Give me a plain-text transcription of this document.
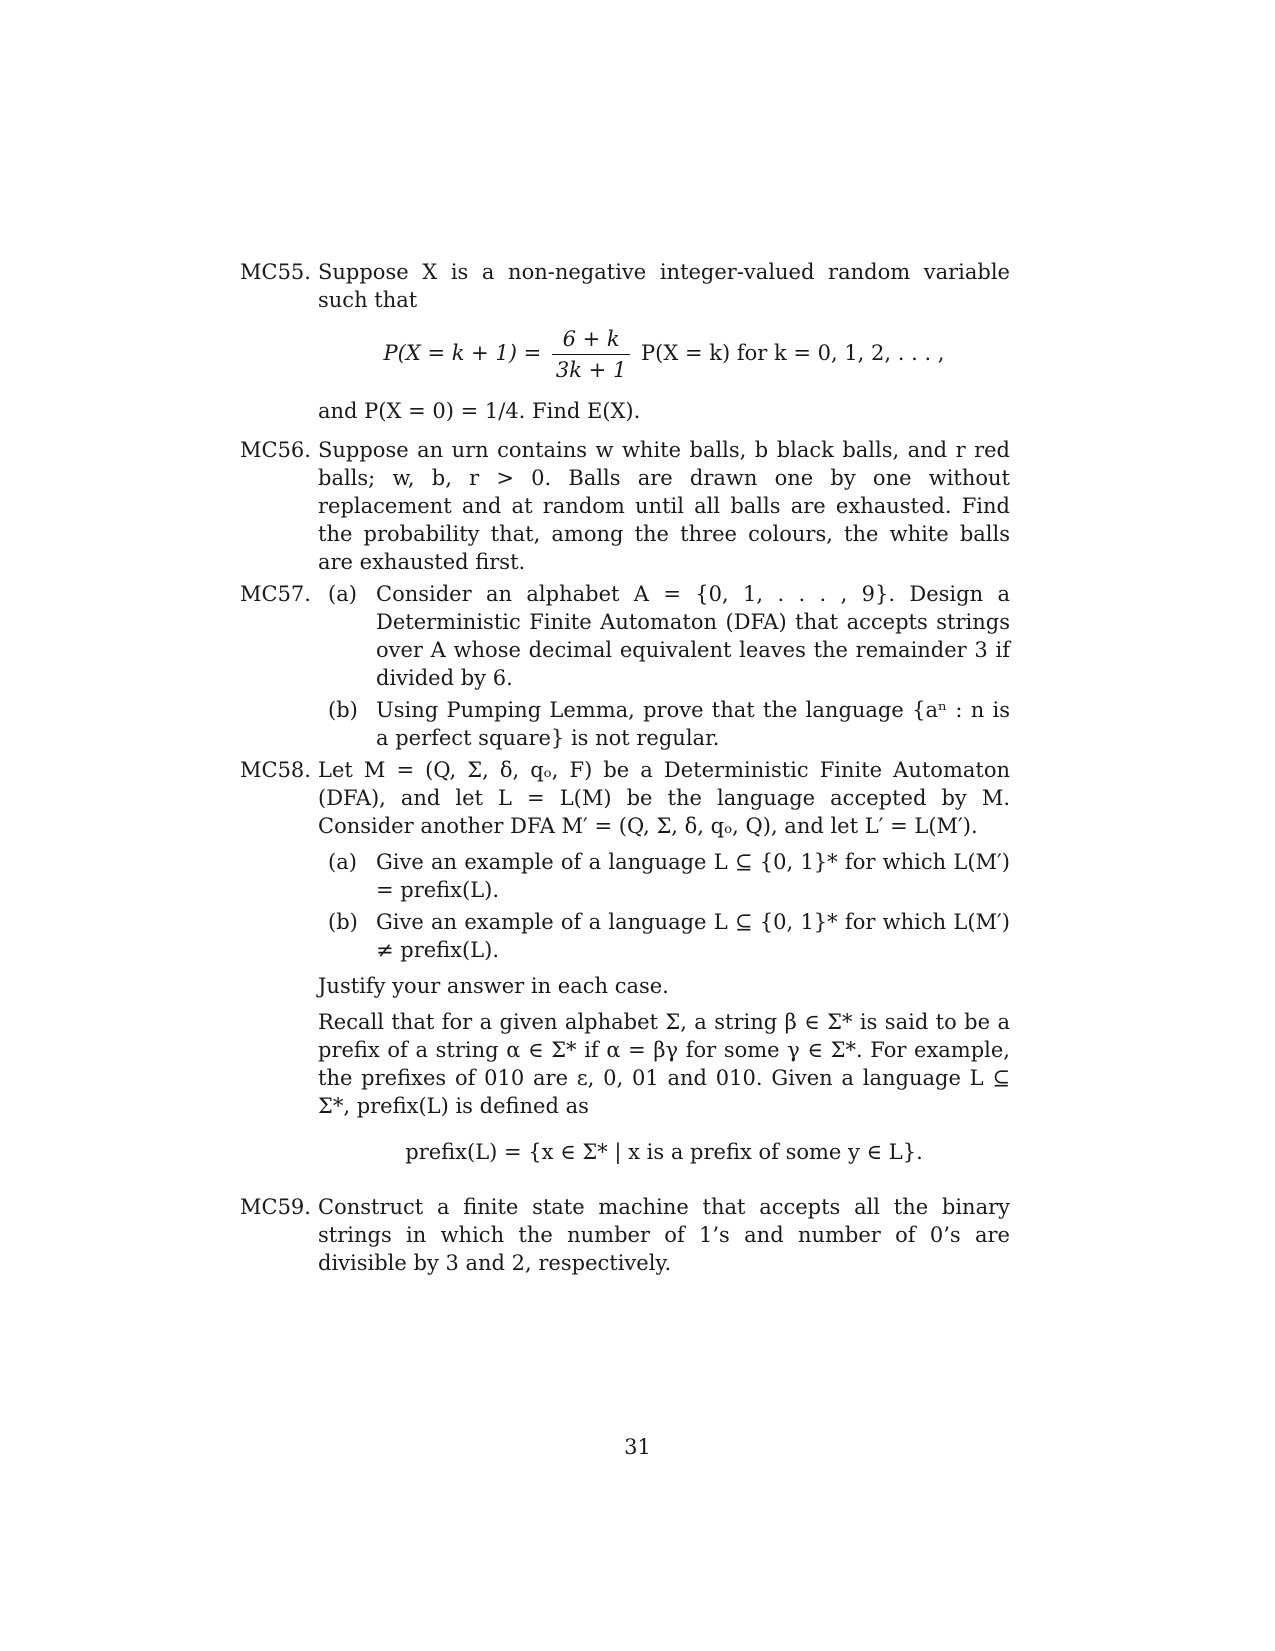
MC55. Suppose X is a non-negative integer-valued random variable such that

$P(X = k + 1) = \frac{6 + k}{3k + 1} P(X = k)$ for k = 0, 1, 2, . . . ,

and P(X = 0) = 1/4. Find E(X).

MC56. Suppose an urn contains w white balls, b black balls, and r red balls; w, b, r > 0. Balls are drawn one by one without replacement and at random until all balls are exhausted. Find the probability that, among the three colours, the white balls are exhausted first.

MC57. (a) Consider an alphabet A = {0, 1, . . . , 9}. Design a Deterministic Finite Automaton (DFA) that accepts strings over A whose decimal equivalent leaves the remainder 3 if divided by 6.
(b) Using Pumping Lemma, prove that the language {aⁿ : n is a perfect square} is not regular.
MC58. Let M = (Q, Σ, δ, qₒ, F) be a Deterministic Finite Automaton (DFA), and let L = L(M) be the language accepted by M. Consider another DFA M′ = (Q, Σ, δ, qₒ, Q), and let L′ = L(M′).

(a) Give an example of a language L ⊆ {0, 1}* for which L(M′) = prefix(L).
(b) Give an example of a language L ⊆ {0, 1}* for which L(M′) ≠ prefix(L).

Justify your answer in each case.

Recall that for a given alphabet Σ, a string β ∈ Σ* is said to be a prefix of a string α ∈ Σ* if α = βγ for some γ ∈ Σ*. For example, the prefixes of 010 are ε, 0, 01 and 010. Given a language L ⊆ Σ*, prefix(L) is defined as

prefix(L) = {x ∈ Σ* | x is a prefix of some y ∈ L}.
MC59. Construct a finite state machine that accepts all the binary strings in which the number of 1’s and number of 0’s are divisible by 3 and 2, respectively.

31
